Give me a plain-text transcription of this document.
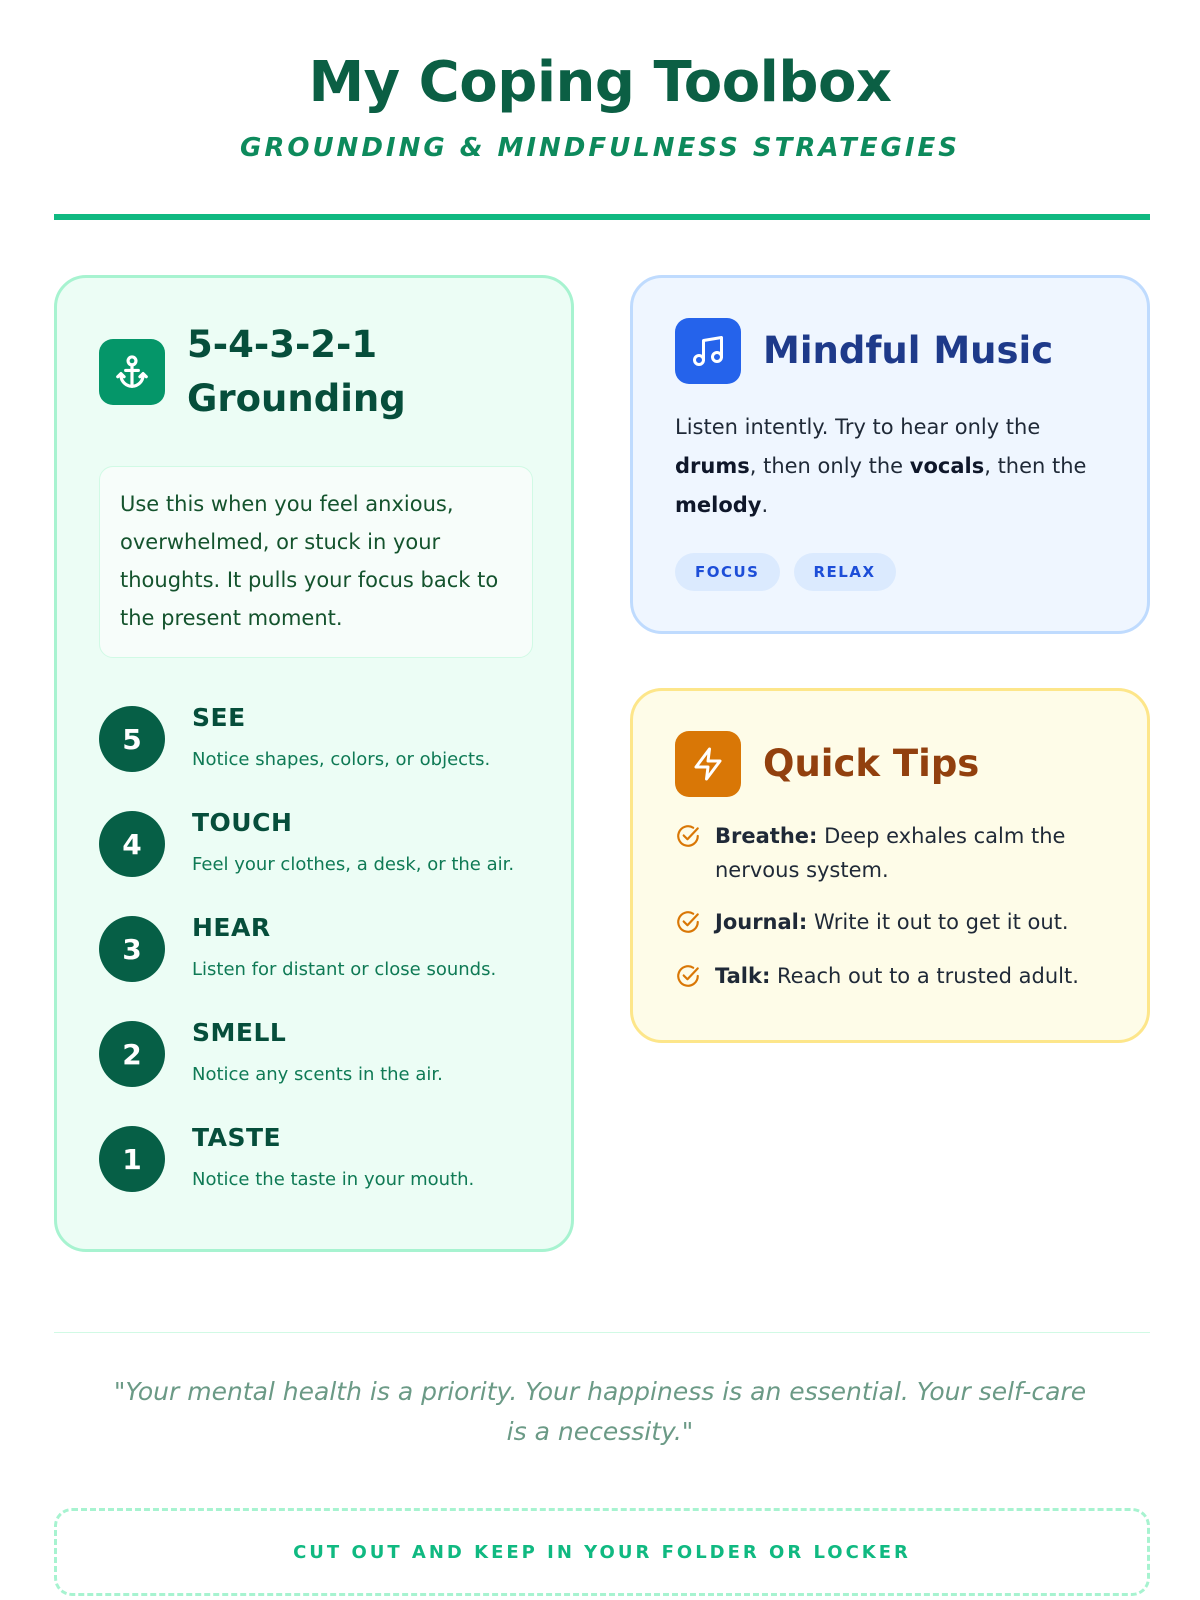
My Coping Toolbox
GROUNDING & MINDFULNESS STRATEGIES
5-4-3-2-1 Grounding
Use this when you feel anxious, overwhelmed, or stuck in your thoughts. It pulls your focus back to the present moment.
5
SEE
Notice shapes, colors, or objects.
4
TOUCH
Feel your clothes, a desk, or the air.
3
HEAR
Listen for distant or close sounds.
2
SMELL
Notice any scents in the air.
1
TASTE
Notice the taste in your mouth.
Mindful Music
Listen intently. Try to hear only the drums, then only the vocals, then the melody.
FOCUS	RELAX
Quick Tips
Breathe: Deep exhales calm the nervous system.
Journal: Write it out to get it out.
Talk: Reach out to a trusted adult.
"Your mental health is a priority. Your happiness is an essential. Your self-care is a necessity."
CUT OUT AND KEEP IN YOUR FOLDER OR LOCKER
